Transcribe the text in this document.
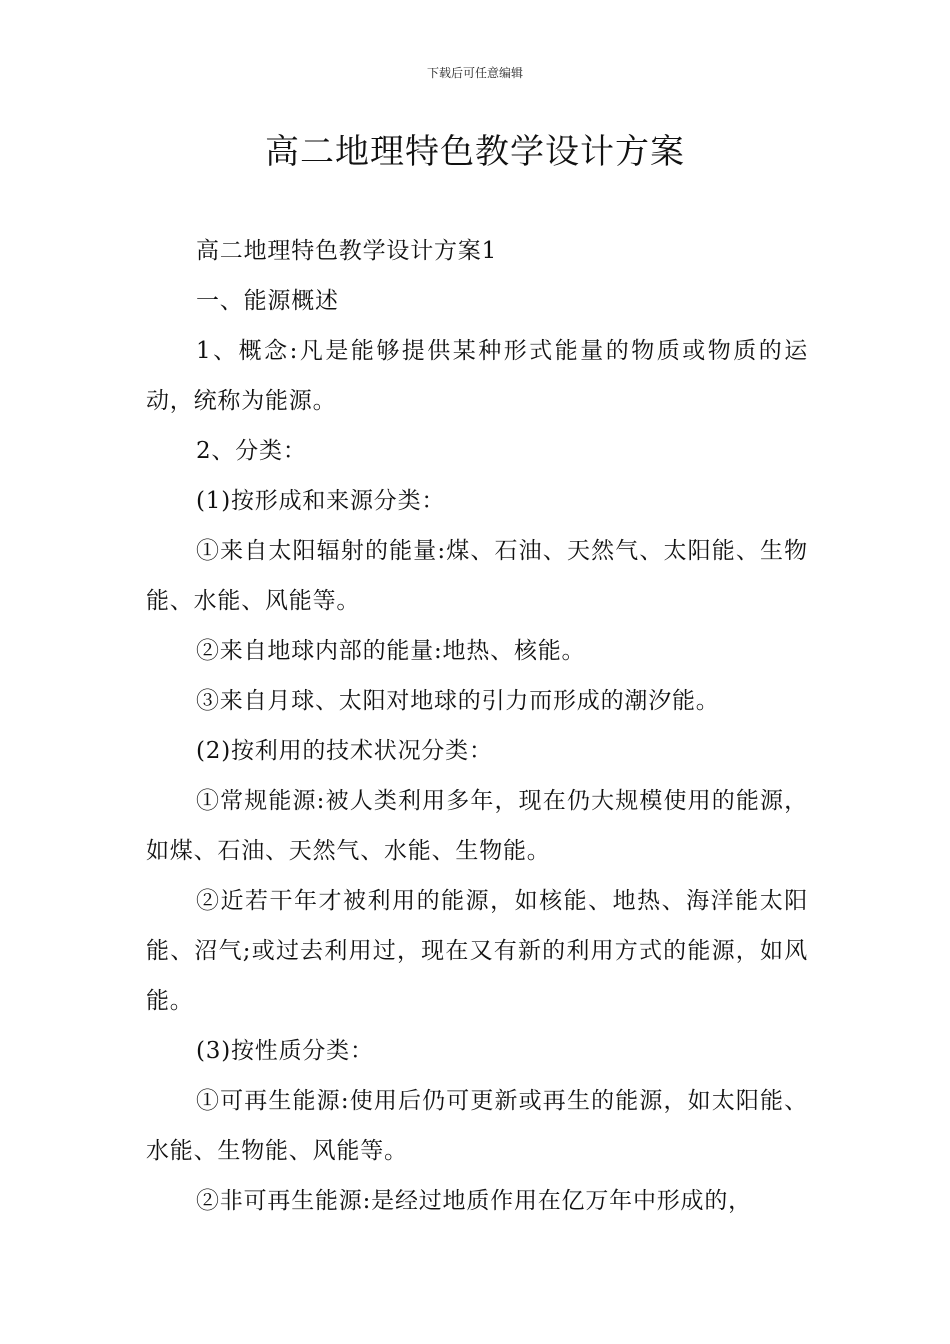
下载后可任意编辑
高二地理特色教学设计方案

高二地理特色教学设计方案1

一、能源概述

1、概念:凡是能够提供某种形式能量的物质或物质的运动，统称为能源。

2、分类：

(1)按形成和来源分类：

①来自太阳辐射的能量:煤、石油、天然气、太阳能、生物能、水能、风能等。

②来自地球内部的能量:地热、核能。

③来自月球、太阳对地球的引力而形成的潮汐能。

(2)按利用的技术状况分类：

①常规能源:被人类利用多年，现在仍大规模使用的能源，如煤、石油、天然气、水能、生物能。

②近若干年才被利用的能源，如核能、地热、海洋能太阳能、沼气;或过去利用过，现在又有新的利用方式的能源，如风能。

(3)按性质分类：

①可再生能源:使用后仍可更新或再生的能源，如太阳能、水能、生物能、风能等。

②非可再生能源:是经过地质作用在亿万年中形成的，
